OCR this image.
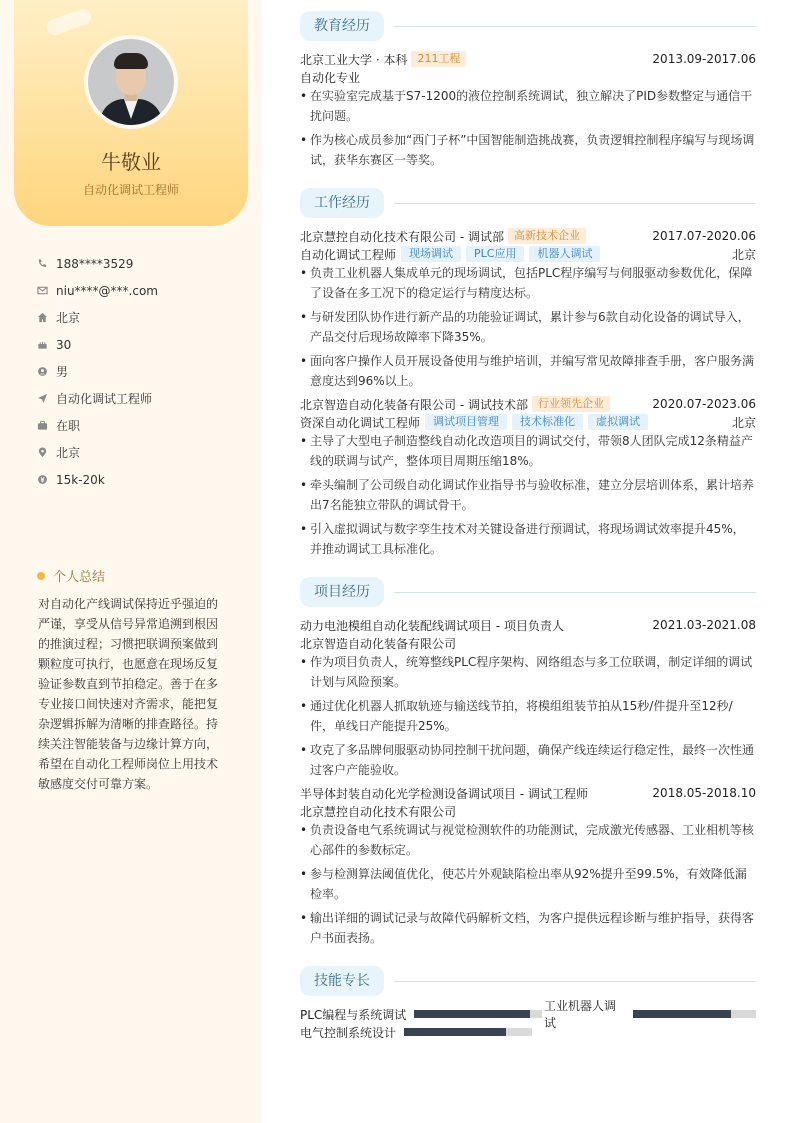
牛敬业
自动化调试工程师
188****3529
niu****@***.com
北京
30
男
自动化调试工程师
在职
北京
15k-20k
个人总结
对自动化产线调试保持近乎强迫的严谨，享受从信号异常追溯到根因的推演过程；习惯把联调预案做到颗粒度可执行，也愿意在现场反复验证参数直到节拍稳定。善于在多专业接口间快速对齐需求，能把复杂逻辑拆解为清晰的排查路径。持续关注智能装备与边缘计算方向，希望在自动化工程师岗位上用技术敏感度交付可靠方案。
教育经历
北京工业大学 · 本科 211工程	2013.09-2017.06
自动化专业
• 在实验室完成基于S7-1200的液位控制系统调试，独立解决了PID参数整定与通信干扰问题。
• 作为核心成员参加“西门子杯”中国智能制造挑战赛，负责逻辑控制程序编写与现场调试，获华东赛区一等奖。
工作经历
北京慧控自动化技术有限公司 - 调试部 高新技术企业	2017.07-2020.06
自动化调试工程师	现场调试	PLC应用	机器人调试	北京
• 负责工业机器人集成单元的现场调试，包括PLC程序编写与伺服驱动参数优化，保障了设备在多工况下的稳定运行与精度达标。
• 与研发团队协作进行新产品的功能验证调试，累计参与6款自动化设备的调试导入，产品交付后现场故障率下降35%。
• 面向客户操作人员开展设备使用与维护培训，并编写常见故障排查手册，客户服务满意度达到96%以上。
北京智造自动化装备有限公司 - 调试技术部 行业领先企业	2020.07-2023.06
资深自动化调试工程师	调试项目管理	技术标准化	虚拟调试	北京
• 主导了大型电子制造整线自动化改造项目的调试交付，带领8人团队完成12条精益产线的联调与试产，整体项目周期压缩18%。
• 牵头编制了公司级自动化调试作业指导书与验收标准，建立分层培训体系，累计培养出7名能独立带队的调试骨干。
• 引入虚拟调试与数字孪生技术对关键设备进行预调试，将现场调试效率提升45%，并推动调试工具标准化。
项目经历
动力电池模组自动化装配线调试项目 - 项目负责人	2021.03-2021.08
北京智造自动化装备有限公司
• 作为项目负责人，统筹整线PLC程序架构、网络组态与多工位联调，制定详细的调试计划与风险预案。
• 通过优化机器人抓取轨迹与输送线节拍，将模组组装节拍从15秒/件提升至12秒/件，单线日产能提升25%。
• 攻克了多品牌伺服驱动协同控制干扰问题，确保产线连续运行稳定性，最终一次性通过客户产能验收。
半导体封装自动化光学检测设备调试项目 - 调试工程师	2018.05-2018.10
北京慧控自动化技术有限公司
• 负责设备电气系统调试与视觉检测软件的功能测试，完成激光传感器、工业相机等核心部件的参数标定。
• 参与检测算法阈值优化，使芯片外观缺陷检出率从92%提升至99.5%，有效降低漏检率。
• 输出详细的调试记录与故障代码解析文档，为客户提供远程诊断与维护指导，获得客户书面表扬。
技能专长
PLC编程与系统调试
工业机器人调试
电气控制系统设计
